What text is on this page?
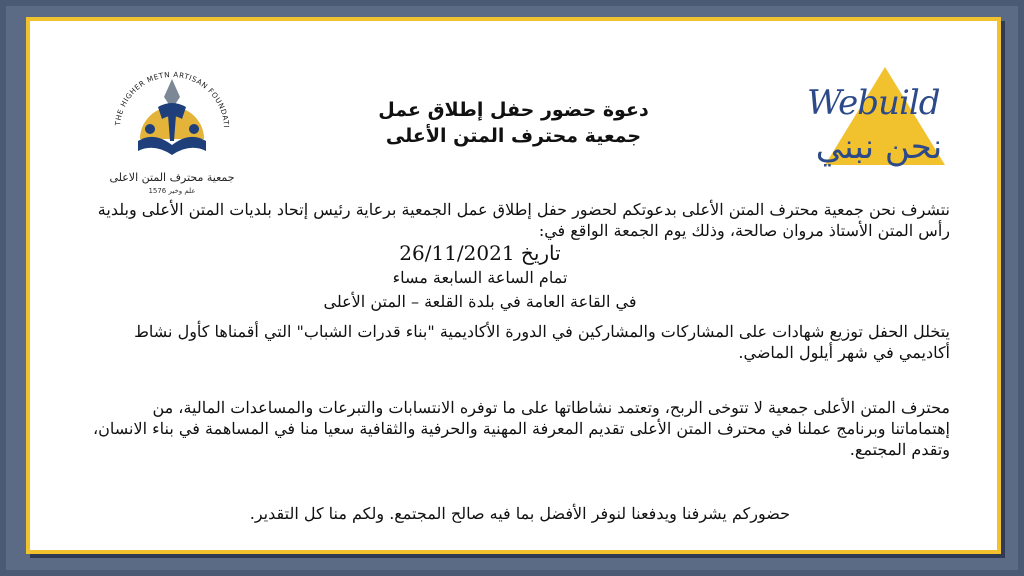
THE HIGHER METN ARTISAN FOUNDATI
جمعية محترف المتن الاعلى
علم وخير 1576
Webuild
نحن نبني
دعوة حضور حفل إطلاق عمل
جمعية محترف المتن الأعلى
نتشرف نحن جمعية محترف المتن الأعلى بدعوتكم لحضور حفل إطلاق عمل الجمعية برعاية رئيس إتحاد بلديات المتن الأعلى وبلدية رأس المتن الأستاذ مروان صالحة، وذلك يوم الجمعة الواقع في:
تاريخ 26/11/2021
تمام الساعة السابعة مساء
في القاعة العامة في بلدة القلعة – المتن الأعلى
يتخلل الحفل توزيع شهادات على المشاركات والمشاركين في الدورة الأكاديمية "بناء قدرات الشباب" التي أقمناها كأول نشاط أكاديمي في شهر أيلول الماضي.
محترف المتن الأعلى جمعية لا تتوخى الربح، وتعتمد نشاطاتها على ما توفره الانتسابات والتبرعات والمساعدات المالية، من إهتماماتنا وبرنامج عملنا في محترف المتن الأعلى تقديم المعرفة المهنية والحرفية والثقافية سعيا منا في المساهمة في بناء الانسان، وتقدم المجتمع.
حضوركم يشرفنا ويدفعنا لنوفر الأفضل بما فيه صالح المجتمع. ولكم منا كل التقدير.
